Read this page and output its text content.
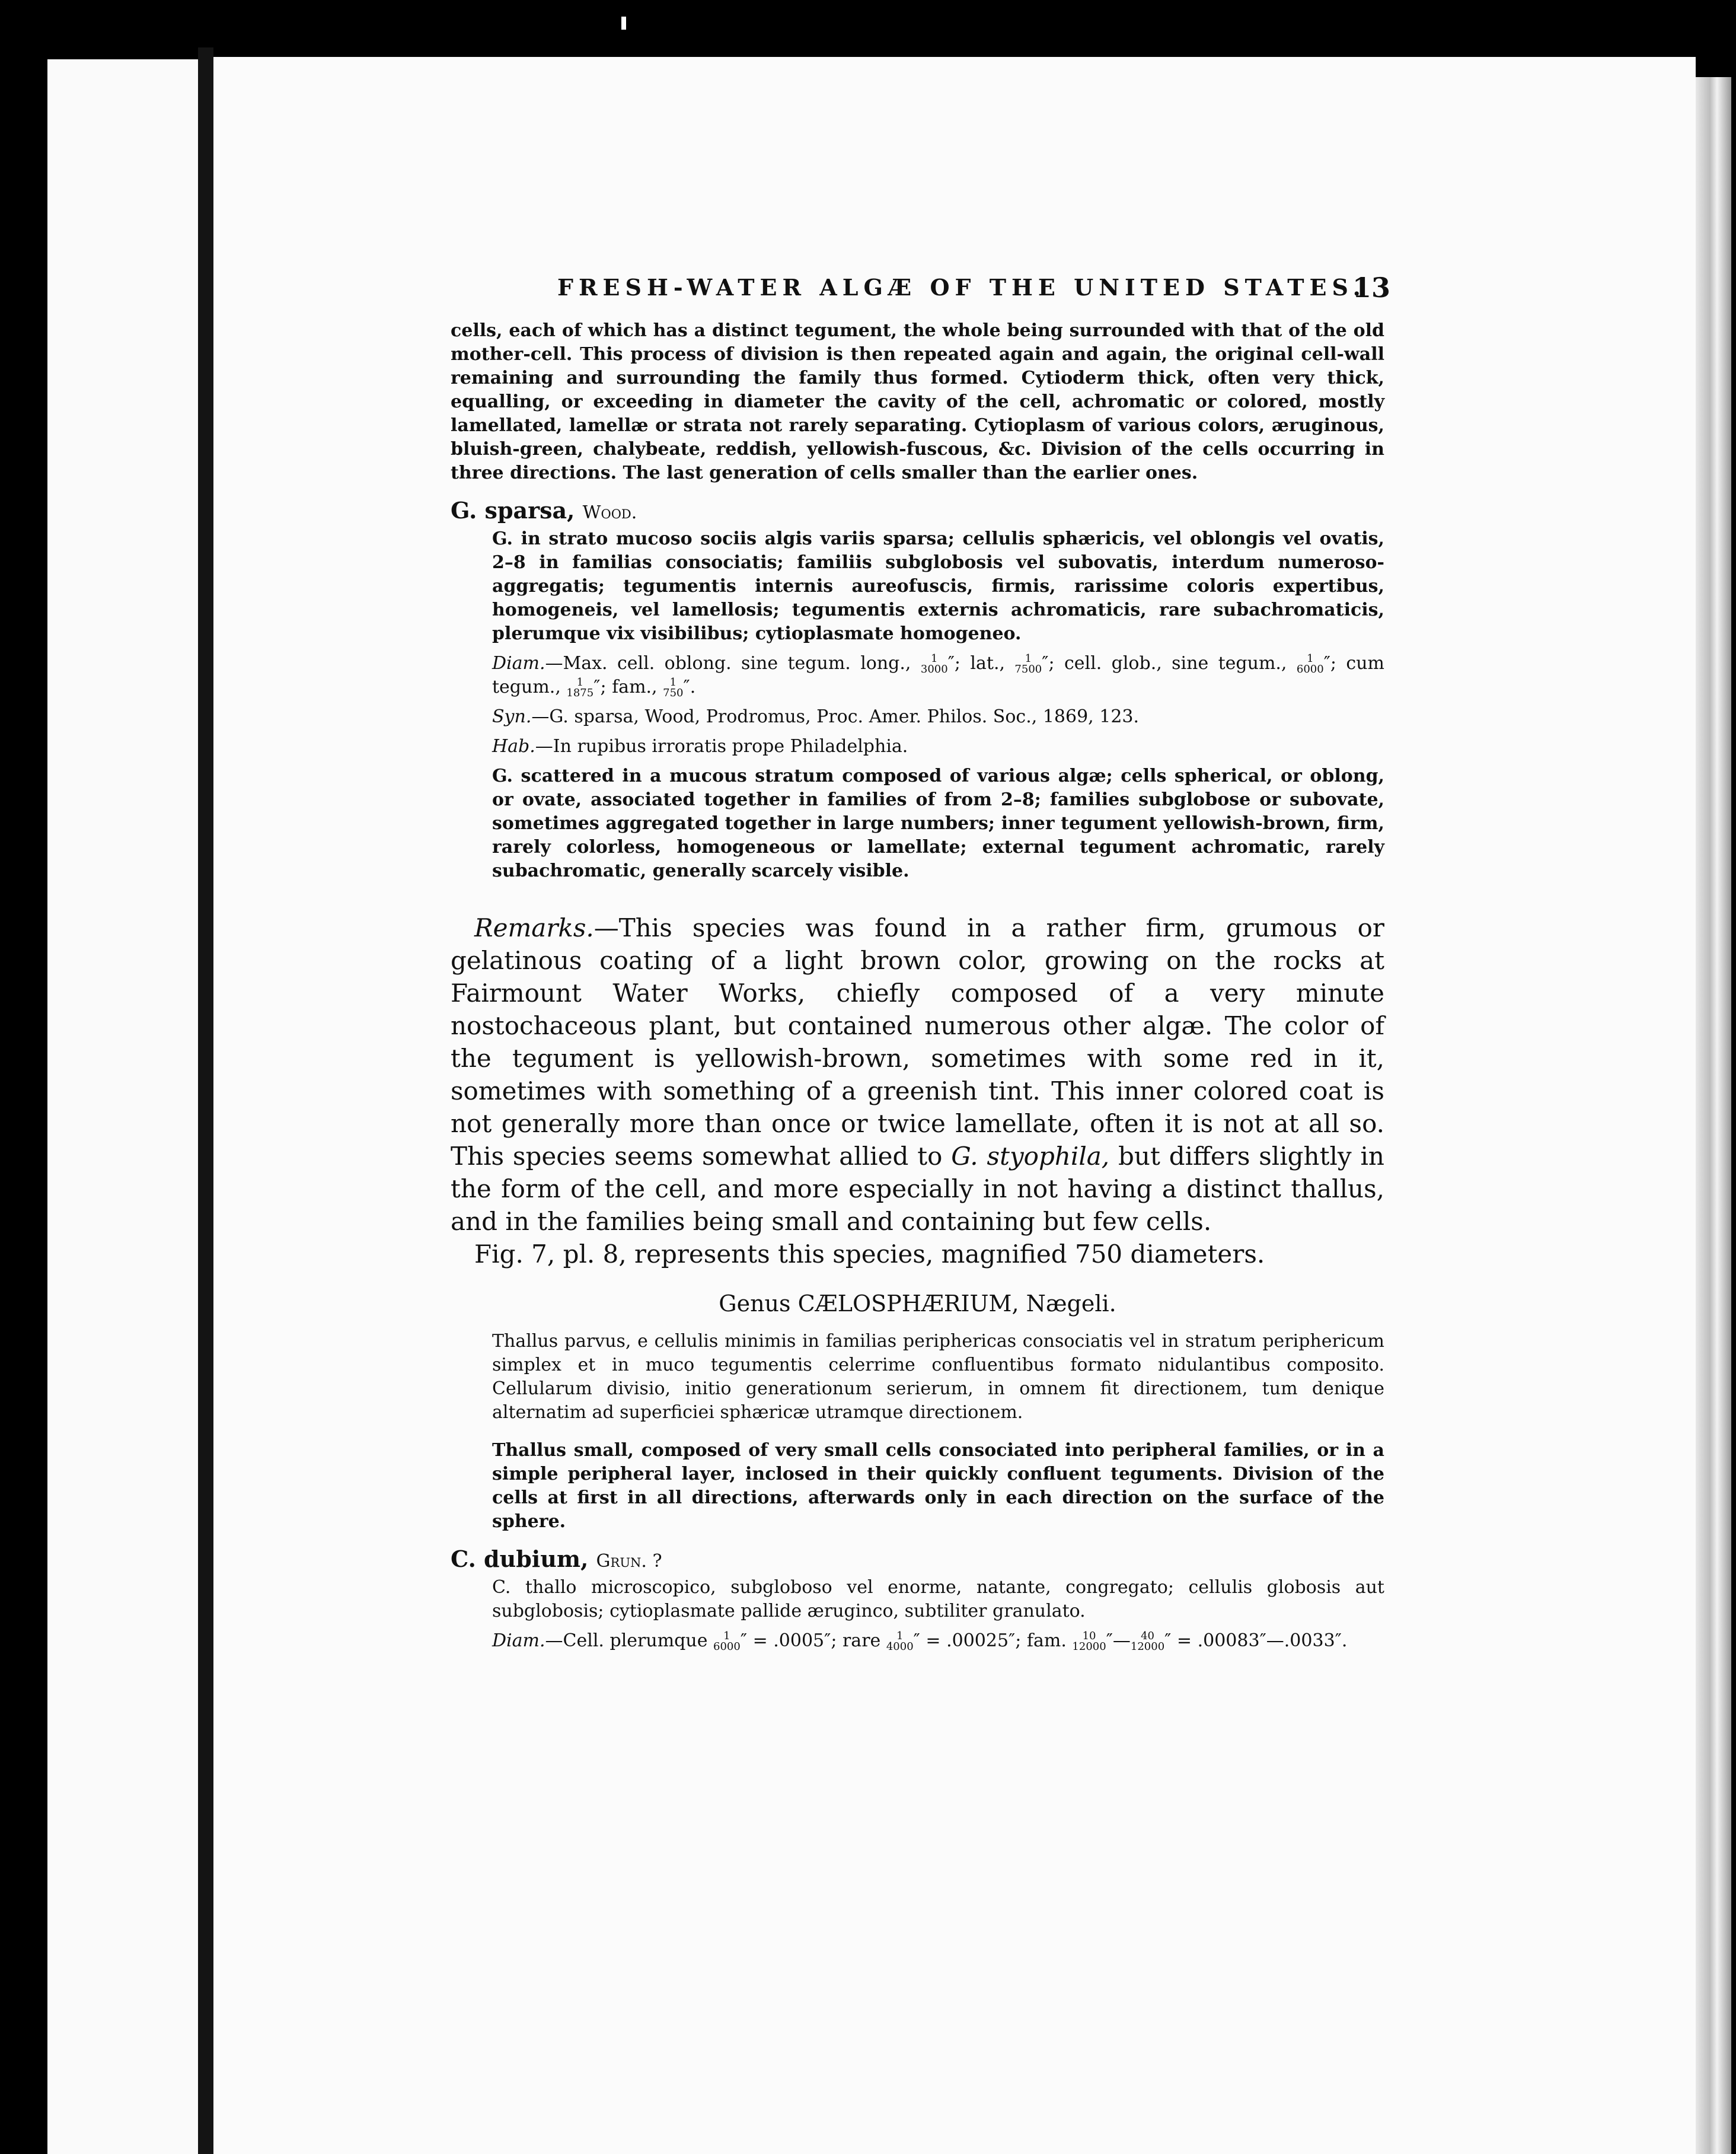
FRESH-WATER ALGÆ OF THE UNITED STATES.
13

cells, each of which has a distinct tegument, the whole being surrounded with that of the old mother-cell. This process of division is then repeated again and again, the original cell-wall remaining and surrounding the family thus formed. Cytioderm thick, often very thick, equalling, or exceeding in diameter the cavity of the cell, achromatic or colored, mostly lamellated, lamellæ or strata not rarely separating. Cytioplasm of various colors, æruginous, bluish-green, chalybeate, reddish, yellowish-fuscous, &c. Division of the cells occurring in three directions. The last generation of cells smaller than the earlier ones.

G. sparsa, Wood.

G. in strato mucoso sociis algis variis sparsa; cellulis sphæricis, vel oblongis vel ovatis, 2–8 in familias consociatis; familiis subglobosis vel subovatis, interdum numeroso-aggregatis; tegumentis internis aureofuscis, firmis, rarissime coloris expertibus, homogeneis, vel lamellosis; tegumentis externis achromaticis, rare subachromaticis, plerumque vix visibilibus; cytioplasmate homogeneo.

Diam.—Max. cell. oblong. sine tegum. long.,	1
3000 ″; lat.,	1
7500 ″; cell. glob., sine tegum.,	1
6000 ″; cum tegum.,	1
1875 ″; fam.,	1
750 ″.

Syn.—G. sparsa, Wood, Prodromus, Proc. Amer. Philos. Soc., 1869, 123.

Hab.—In rupibus irroratis prope Philadelphia.

G. scattered in a mucous stratum composed of various algæ; cells spherical, or oblong, or ovate, associated together in families of from 2–8; families subglobose or subovate, sometimes aggregated together in large numbers; inner tegument yellowish-brown, firm, rarely colorless, homogeneous or lamellate; external tegument achromatic, rarely subachromatic, generally scarcely visible.

Remarks.—This species was found in a rather firm, grumous or gelatinous coating of a light brown color, growing on the rocks at Fairmount Water Works, chiefly composed of a very minute nostochaceous plant, but contained numerous other algæ. The color of the tegument is yellowish-brown, sometimes with some red in it, sometimes with something of a greenish tint. This inner colored coat is not generally more than once or twice lamellate, often it is not at all so. This species seems somewhat allied to G. styophila, but differs slightly in the form of the cell, and more especially in not having a distinct thallus, and in the families being small and containing but few cells.

Fig. 7, pl. 8, represents this species, magnified 750 diameters.

Genus CÆLOSPHÆRIUM, Nægeli.

Thallus parvus, e cellulis minimis in familias periphericas consociatis vel in stratum periphericum simplex et in muco tegumentis celerrime confluentibus formato nidulantibus composito. Cellularum divisio, initio generationum serierum, in omnem fit directionem, tum denique alternatim ad superficiei sphæricæ utramque directionem.

Thallus small, composed of very small cells consociated into peripheral families, or in a simple peripheral layer, inclosed in their quickly confluent teguments. Division of the cells at first in all directions, afterwards only in each direction on the surface of the sphere.

C. dubium, Grun. ?

C. thallo microscopico, subgloboso vel enorme, natante, congregato; cellulis globosis aut subglobosis; cytioplasmate pallide æruginco, subtiliter granulato.

Diam.—Cell. plerumque	1
6000 ″ = .0005″; rare	1
4000 ″ = .00025″; fam.	10
12000 ″— 40
12000 ″ = .00083″—.0033″.
